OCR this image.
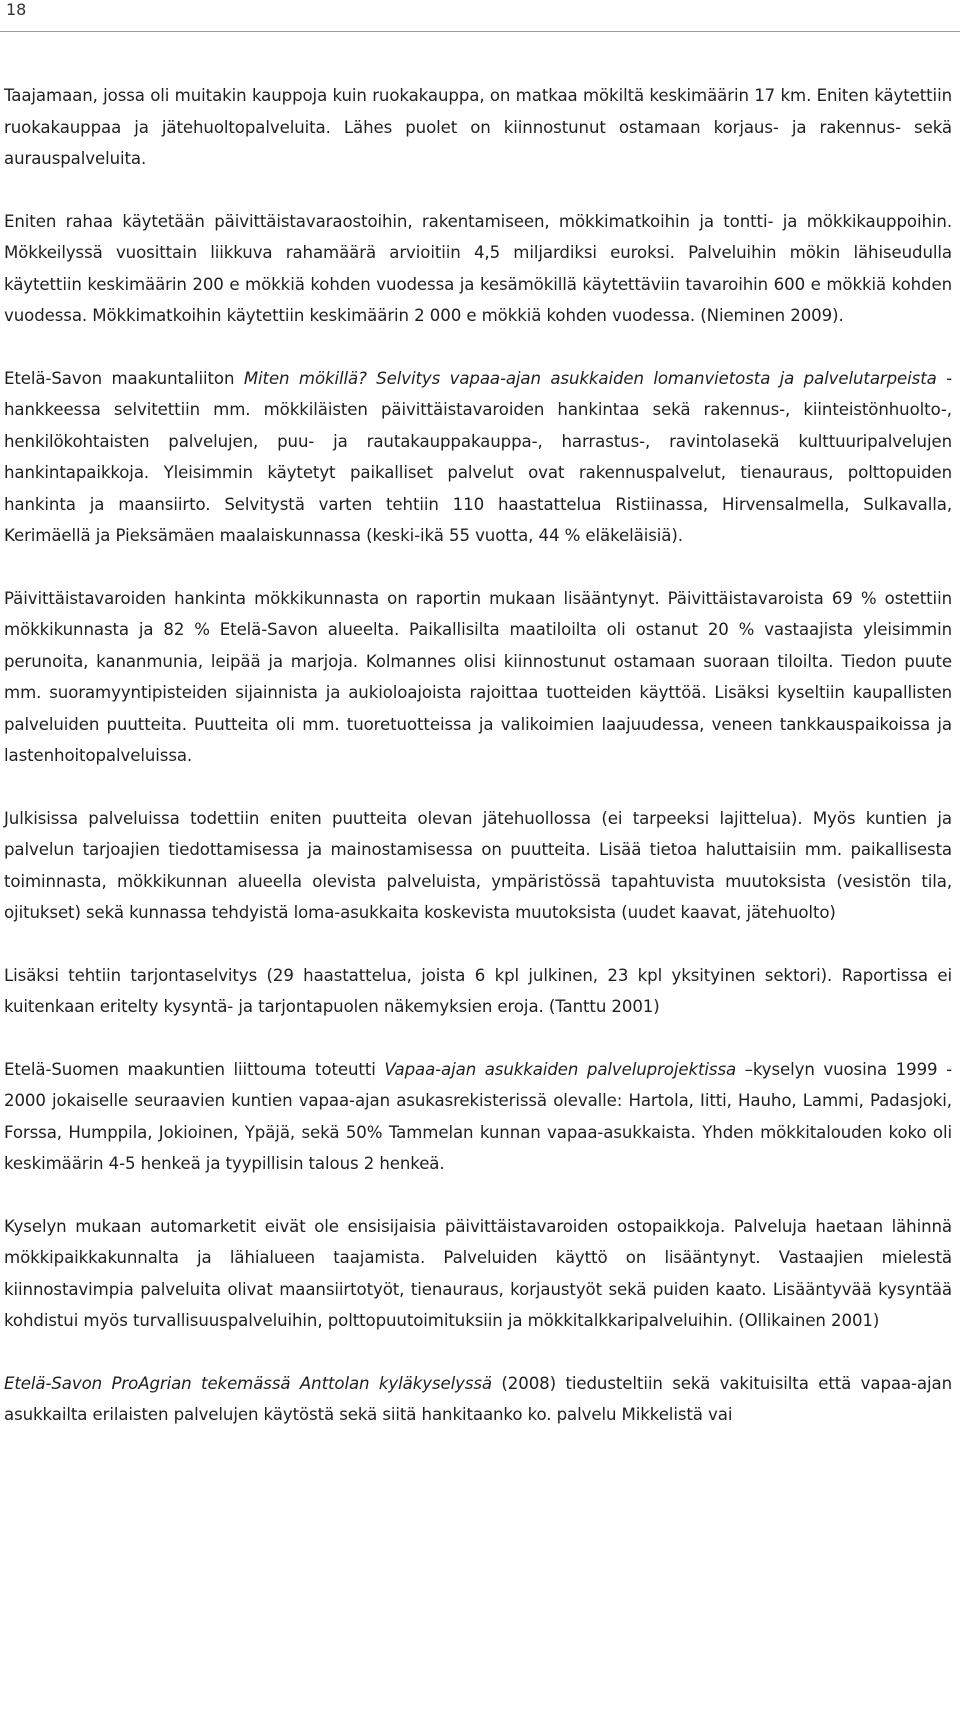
18

Taajamaan, jossa oli muitakin kauppoja kuin ruokakauppa, on matkaa mökiltä keskimäärin 17 km. Eniten käytettiin ruokakauppaa ja jätehuoltopalveluita. Lähes puolet on kiinnostunut ostamaan korjaus- ja rakennus- sekä aurauspalveluita.

Eniten rahaa käytetään päivittäistavaraostoihin, rakentamiseen, mökkimatkoihin ja tontti- ja mökkikauppoihin. Mökkeilyssä vuosittain liikkuva rahamäärä arvioitiin 4,5 miljardiksi euroksi. Palveluihin mökin lähiseudulla käytettiin keskimäärin 200 e mökkiä kohden vuodessa ja kesämökillä käytettäviin tavaroihin 600 e mökkiä kohden vuodessa. Mökkimatkoihin käytettiin keskimäärin 2 000 e mökkiä kohden vuodessa. (Nieminen 2009).

Etelä-Savon maakuntaliiton Miten mökillä? Selvitys vapaa-ajan asukkaiden lomanvietosta ja palvelutarpeista -hankkeessa selvitettiin mm. mökkiläisten päivittäistavaroiden hankintaa sekä rakennus-, kiinteistönhuolto-, henkilökohtaisten palvelujen, puu- ja rautakauppakauppa-, harrastus-, ravintolasekä kulttuuripalvelujen hankintapaikkoja. Yleisimmin käytetyt paikalliset palvelut ovat rakennuspalvelut, tienauraus, polttopuiden hankinta ja maansiirto. Selvitystä varten tehtiin 110 haastattelua Ristiinassa, Hirvensalmella, Sulkavalla, Kerimäellä ja Pieksämäen maalaiskunnassa (keski-ikä 55 vuotta, 44 % eläkeläisiä).

Päivittäistavaroiden hankinta mökkikunnasta on raportin mukaan lisääntynyt. Päivittäistavaroista 69 % ostettiin mökkikunnasta ja 82 % Etelä-Savon alueelta. Paikallisilta maatiloilta oli ostanut 20 % vastaajista yleisimmin perunoita, kananmunia, leipää ja marjoja. Kolmannes olisi kiinnostunut ostamaan suoraan tiloilta. Tiedon puute mm. suoramyyntipisteiden sijainnista ja aukioloajoista rajoittaa tuotteiden käyttöä. Lisäksi kyseltiin kaupallisten palveluiden puutteita. Puutteita oli mm. tuoretuotteissa ja valikoimien laajuudessa, veneen tankkauspaikoissa ja lastenhoitopalveluissa.

Julkisissa palveluissa todettiin eniten puutteita olevan jätehuollossa (ei tarpeeksi lajittelua). Myös kuntien ja palvelun tarjoajien tiedottamisessa ja mainostamisessa on puutteita. Lisää tietoa haluttaisiin mm. paikallisesta toiminnasta, mökkikunnan alueella olevista palveluista, ympäristössä tapahtuvista muutoksista (vesistön tila, ojitukset) sekä kunnassa tehdyistä loma-asukkaita koskevista muutoksista (uudet kaavat, jätehuolto)

Lisäksi tehtiin tarjontaselvitys (29 haastattelua, joista 6 kpl julkinen, 23 kpl yksityinen sektori). Raportissa ei kuitenkaan eritelty kysyntä- ja tarjontapuolen näkemyksien eroja. (Tanttu 2001)

Etelä-Suomen maakuntien liittouma toteutti Vapaa-ajan asukkaiden palveluprojektissa –kyselyn vuosina 1999 - 2000 jokaiselle seuraavien kuntien vapaa-ajan asukasrekisterissä olevalle: Hartola, Iitti, Hauho, Lammi, Padasjoki, Forssa, Humppila, Jokioinen, Ypäjä, sekä 50% Tammelan kunnan vapaa-asukkaista. Yhden mökkitalouden koko oli keskimäärin 4-5 henkeä ja tyypillisin talous 2 henkeä.

Kyselyn mukaan automarketit eivät ole ensisijaisia päivittäistavaroiden ostopaikkoja. Palveluja haetaan lähinnä mökkipaikkakunnalta ja lähialueen taajamista. Palveluiden käyttö on lisääntynyt. Vastaajien mielestä kiinnostavimpia palveluita olivat maansiirtotyöt, tienauraus, korjaustyöt sekä puiden kaato. Lisääntyvää kysyntää kohdistui myös turvallisuuspalveluihin, polttopuutoimituksiin ja mökkitalkkaripalveluihin. (Ollikainen 2001)

Etelä-Savon ProAgrian tekemässä Anttolan kyläkyselyssä (2008) tiedusteltiin sekä vakituisilta että vapaa-ajan asukkailta erilaisten palvelujen käytöstä sekä siitä hankitaanko ko. palvelu Mikkelistä vai
